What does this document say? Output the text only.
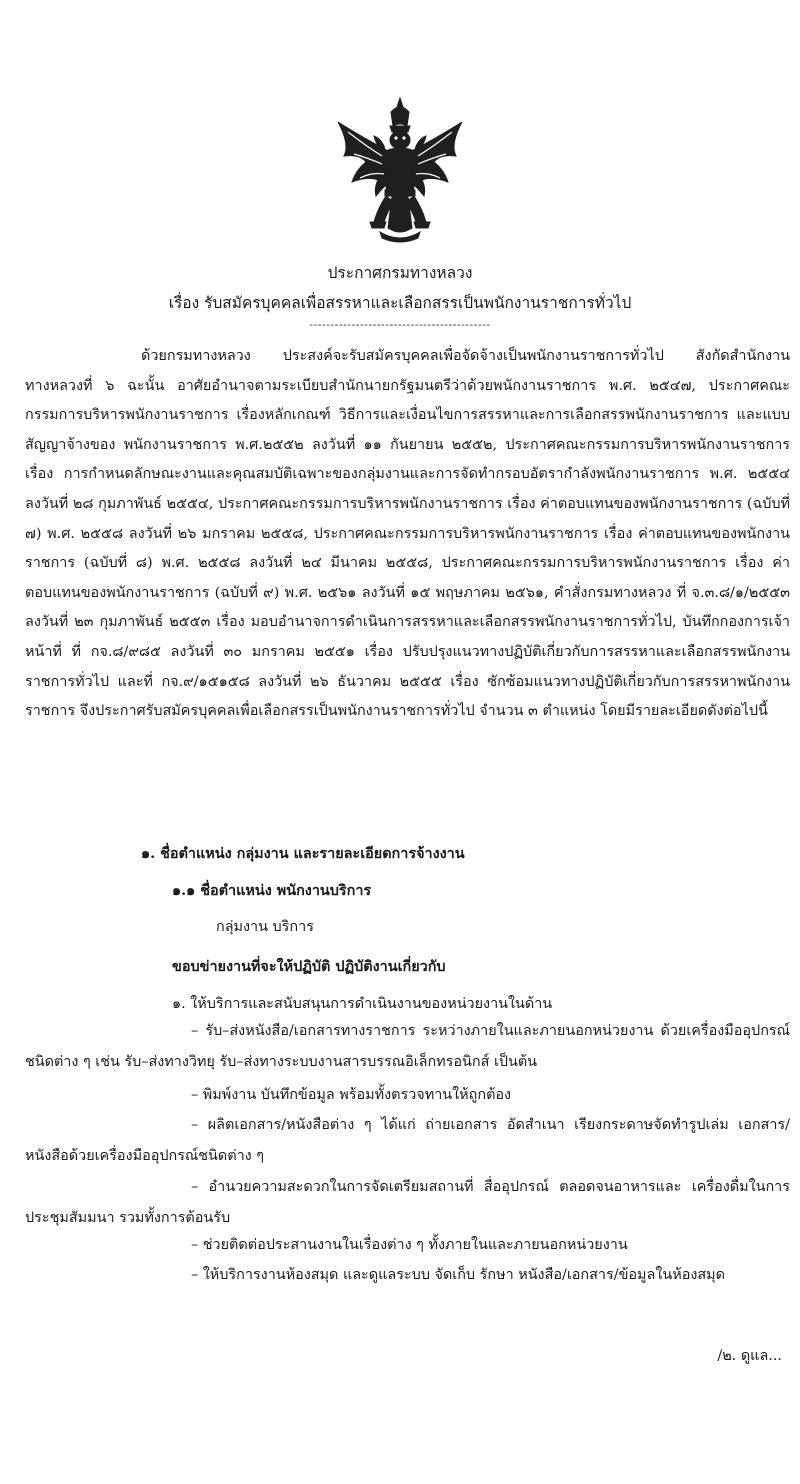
ประกาศกรมทางหลวง
เรื่อง รับสมัครบุคคลเพื่อสรรหาและเลือกสรรเป็นพนักงานราชการทั่วไป
-------------------------------------------
ด้วยกรมทางหลวง ประสงค์จะรับสมัครบุคคลเพื่อจัดจ้างเป็นพนักงานราชการทั่วไป สังกัดสำนักงานทางหลวงที่ ๖ ฉะนั้น อาศัยอำนาจตามระเบียบสำนักนายกรัฐมนตรีว่าด้วยพนักงานราชการ พ.ศ. ๒๕๔๗, ประกาศคณะกรรมการบริหารพนักงานราชการ เรื่องหลักเกณฑ์ วิธีการและเงื่อนไขการสรรหาและการเลือกสรรพนักงานราชการ และแบบสัญญาจ้างของ พนักงานราชการ พ.ศ.๒๕๕๒ ลงวันที่ ๑๑ กันยายน ๒๕๕๒, ประกาศคณะกรรมการบริหารพนักงานราชการ เรื่อง การกำหนดลักษณะงานและคุณสมบัติเฉพาะของกลุ่มงานและการจัดทำกรอบอัตรากำลังพนักงานราชการ พ.ศ. ๒๕๕๔ ลงวันที่ ๒๘ กุมภาพันธ์ ๒๕๕๔, ประกาศคณะกรรมการบริหารพนักงานราชการ เรื่อง ค่าตอบแทนของพนักงานราชการ (ฉบับที่ ๗) พ.ศ. ๒๕๕๘ ลงวันที่ ๒๖ มกราคม ๒๕๕๘, ประกาศคณะกรรมการบริหารพนักงานราชการ เรื่อง ค่าตอบแทนของพนักงานราชการ (ฉบับที่ ๘) พ.ศ. ๒๕๕๘ ลงวันที่ ๒๔ มีนาคม ๒๕๕๘, ประกาศคณะกรรมการบริหารพนักงานราชการ เรื่อง ค่าตอบแทนของพนักงานราชการ (ฉบับที่ ๙) พ.ศ. ๒๕๖๑ ลงวันที่ ๑๕ พฤษภาคม ๒๕๖๑, คำสั่งกรมทางหลวง ที่ จ.๓.๘/๑/๒๕๕๓ ลงวันที่ ๒๓ กุมภาพันธ์ ๒๕๕๓ เรื่อง มอบอำนาจการดำเนินการสรรหาและเลือกสรรพนักงานราชการทั่วไป, บันทึกกองการเจ้าหน้าที่ ที่ กจ.๘/๙๘๕ ลงวันที่ ๓๐ มกราคม ๒๕๕๑ เรื่อง ปรับปรุงแนวทางปฏิบัติเกี่ยวกับการสรรหาและเลือกสรรพนักงานราชการทั่วไป และที่ กจ.๙/๑๕๑๕๘ ลงวันที่ ๒๖ ธันวาคม ๒๕๕๕ เรื่อง ซักซ้อมแนวทางปฏิบัติเกี่ยวกับการสรรหาพนักงานราชการ จึงประกาศรับสมัครบุคคลเพื่อเลือกสรรเป็นพนักงานราชการทั่วไป จำนวน ๓ ตำแหน่ง โดยมีรายละเอียดดังต่อไปนี้
๑. ชื่อตำแหน่ง กลุ่มงาน และรายละเอียดการจ้างงาน
๑.๑ ชื่อตำแหน่ง พนักงานบริการ
กลุ่มงาน บริการ
ขอบข่ายงานที่จะให้ปฏิบัติ ปฏิบัติงานเกี่ยวกับ
๑. ให้บริการและสนับสนุนการดำเนินงานของหน่วยงานในด้าน
– รับ–ส่งหนังสือ/เอกสารทางราชการ ระหว่างภายในและภายนอกหน่วยงาน ด้วยเครื่องมืออุปกรณ์ชนิดต่าง ๆ เช่น รับ–ส่งทางวิทยุ รับ–ส่งทางระบบงานสารบรรณอิเล็กทรอนิกส์ เป็นต้น
– พิมพ์งาน บันทึกข้อมูล พร้อมทั้งตรวจทานให้ถูกต้อง
– ผลิตเอกสาร/หนังสือต่าง ๆ ได้แก่ ถ่ายเอกสาร อัดสำเนา เรียงกระดาษจัดทำรูปเล่ม เอกสาร/หนังสือด้วยเครื่องมืออุปกรณ์ชนิดต่าง ๆ
– อำนวยความสะดวกในการจัดเตรียมสถานที่ สื่ออุปกรณ์ ตลอดจนอาหารและ เครื่องดื่มในการประชุมสัมมนา รวมทั้งการต้อนรับ
– ช่วยติดต่อประสานงานในเรื่องต่าง ๆ ทั้งภายในและภายนอกหน่วยงาน
– ให้บริการงานห้องสมุด และดูแลระบบ จัดเก็บ รักษา หนังสือ/เอกสาร/ข้อมูลในห้องสมุด
/๒. ดูแล...
